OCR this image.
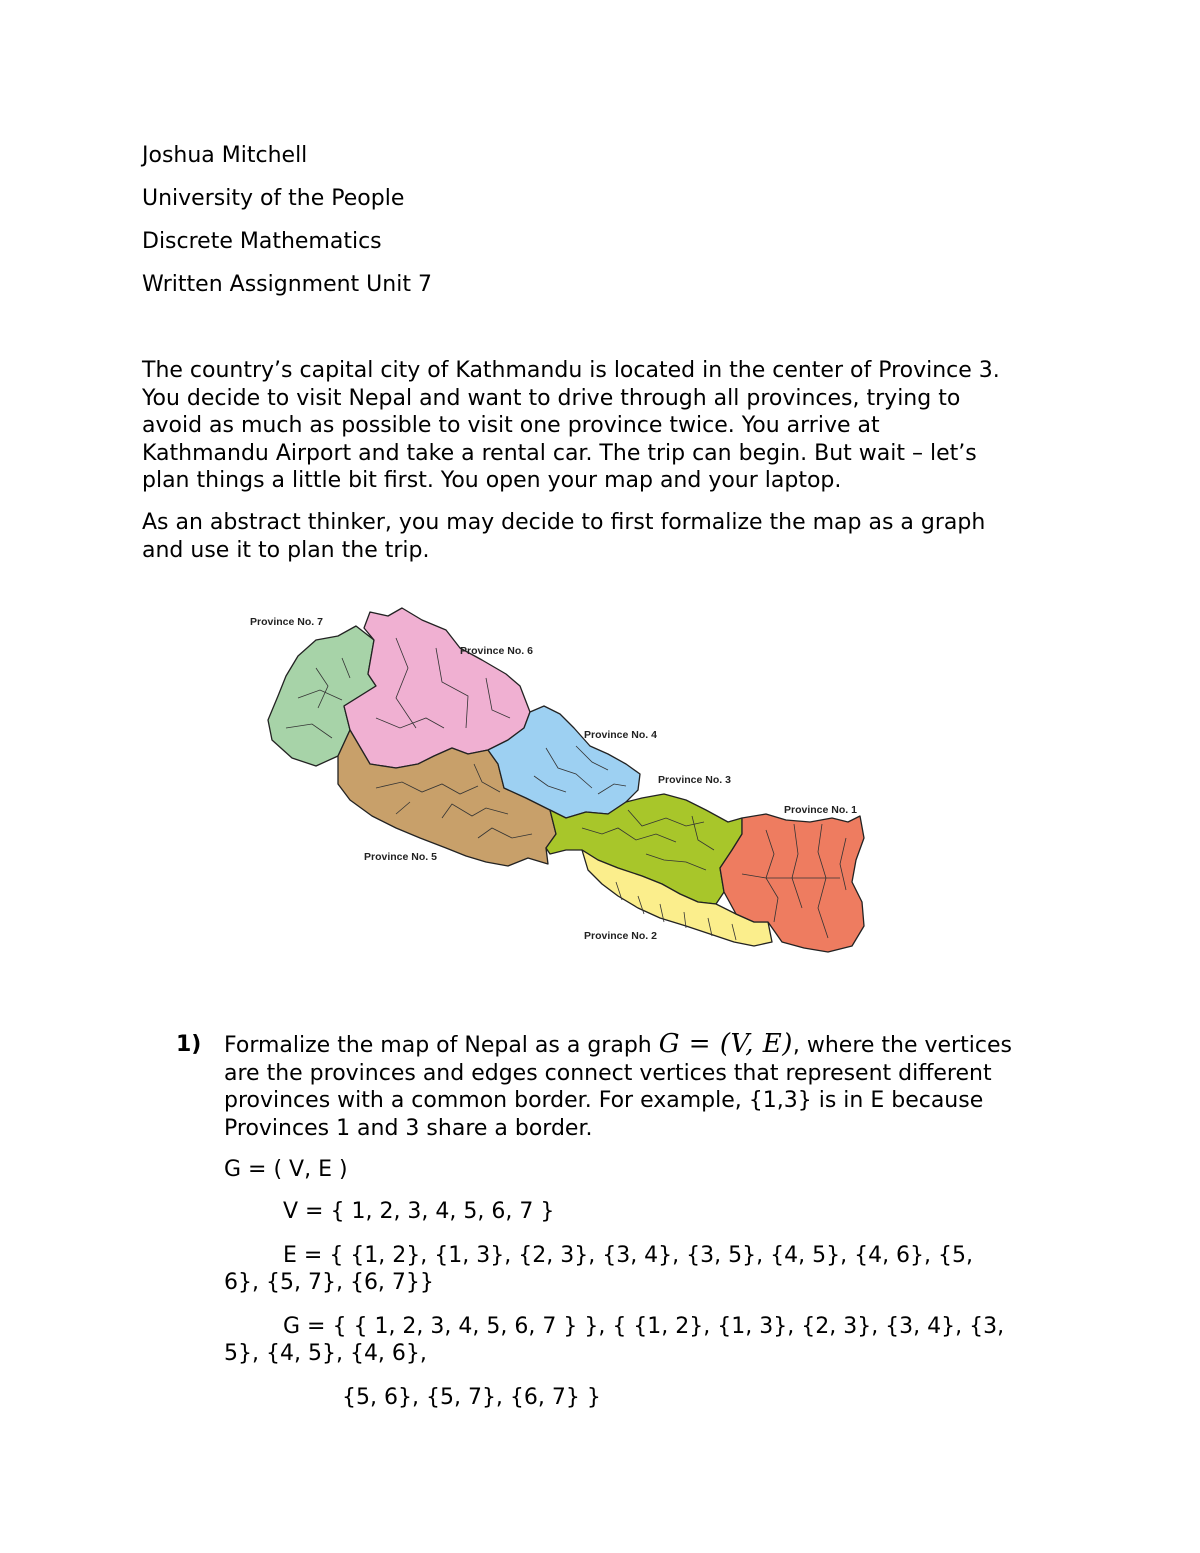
Joshua Mitchell
University of the People
Discrete Mathematics
Written Assignment Unit 7
The country’s capital city of Kathmandu is located in the center of Province 3.
You decide to visit Nepal and want to drive through all provinces, trying to
avoid as much as possible to visit one province twice. You arrive at
Kathmandu Airport and take a rental car. The trip can begin. But wait – let’s
plan things a little bit first. You open your map and your laptop.
As an abstract thinker, you may decide to first formalize the map as a graph
and use it to plan the trip.
Province No. 7
Province No. 6
Province No. 4
Province No. 3
Province No. 1
Province No. 5
Province No. 2
1) Formalize the map of Nepal as a graph G = (V, E), where the vertices
are the provinces and edges connect vertices that represent different
provinces with a common border. For example, {1,3} is in E because
Provinces 1 and 3 share a border.
G = ( V, E )
V = { 1, 2, 3, 4, 5, 6, 7 }
E = { {1, 2}, {1, 3}, {2, 3}, {3, 4}, {3, 5}, {4, 5}, {4, 6}, {5,
6}, {5, 7}, {6, 7}}
G = { { 1, 2, 3, 4, 5, 6, 7 } }, { {1, 2}, {1, 3}, {2, 3}, {3, 4}, {3,
5}, {4, 5}, {4, 6},
{5, 6}, {5, 7}, {6, 7} }
